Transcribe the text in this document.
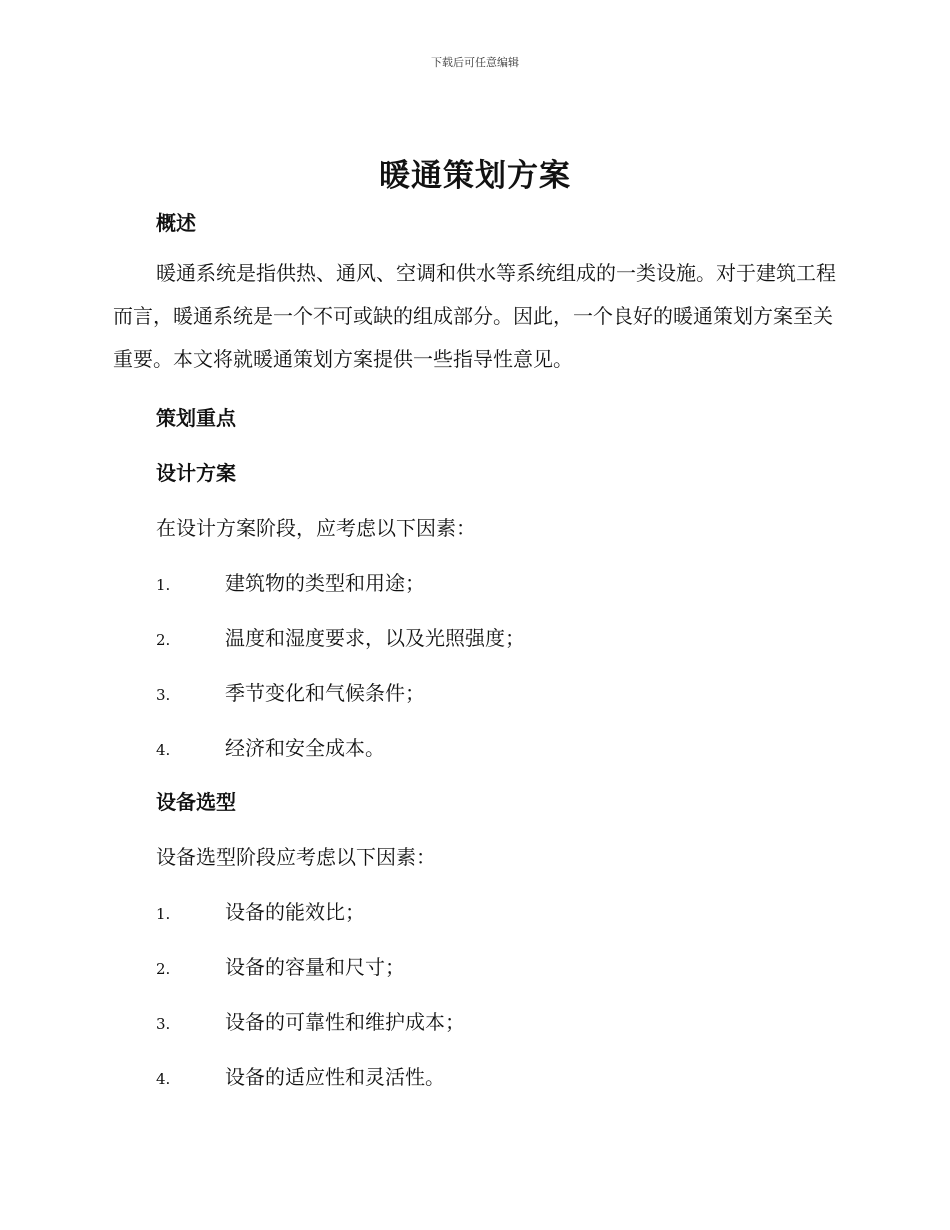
下载后可任意编辑
暖通策划方案
概述
暖通系统是指供热、通风、空调和供水等系统组成的一类设施。对于建筑工程而言，暖通系统是一个不可或缺的组成部分。因此，一个良好的暖通策划方案至关重要。本文将就暖通策划方案提供一些指导性意见。
策划重点
设计方案
在设计方案阶段，应考虑以下因素：
1.	建筑物的类型和用途；
2.	温度和湿度要求，以及光照强度；
3.	季节变化和气候条件；
4.	经济和安全成本。
设备选型
设备选型阶段应考虑以下因素：
1.	设备的能效比；
2.	设备的容量和尺寸；
3.	设备的可靠性和维护成本；
4.	设备的适应性和灵活性。
